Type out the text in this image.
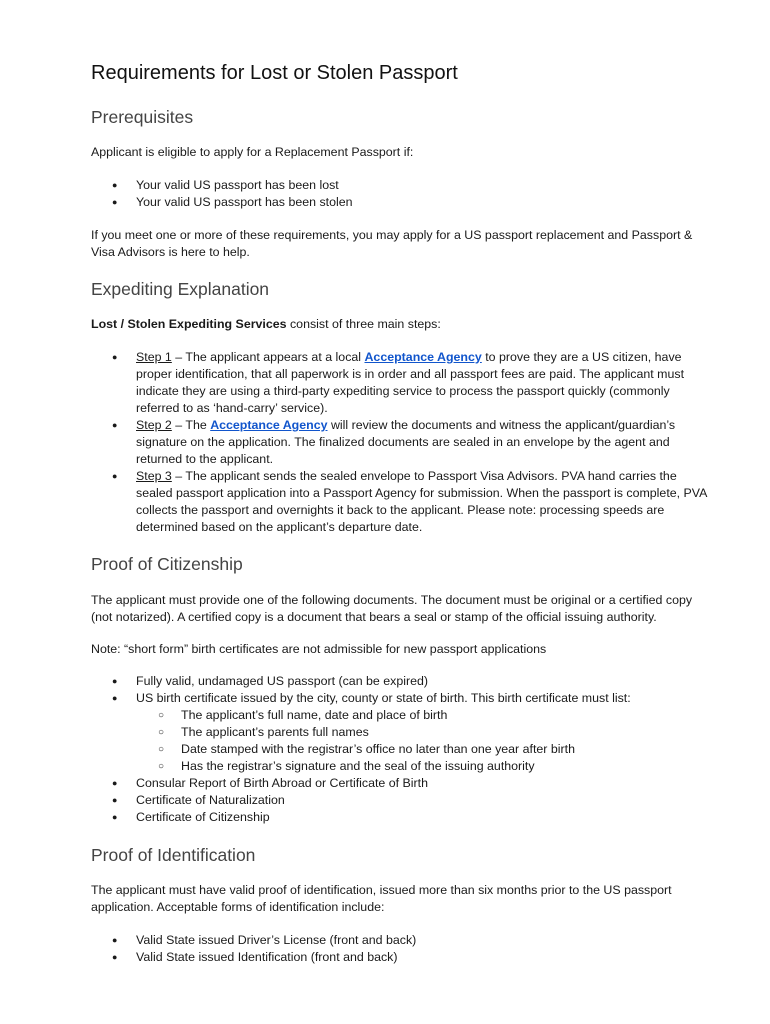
Requirements for Lost or Stolen Passport
Prerequisites

Applicant is eligible to apply for a Replacement Passport if:

● Your valid US passport has been lost
● Your valid US passport has been stolen
If you meet one or more of these requirements, you may apply for a US passport replacement and Passport &
Visa Advisors is here to help.
Expediting Explanation

Lost / Stolen Expediting Services consist of three main steps:

● Step 1 – The applicant appears at a local Acceptance Agency to prove they are a US citizen, have
proper identification, that all paperwork is in order and all passport fees are paid. The applicant must
indicate they are using a third-party expediting service to process the passport quickly (commonly
referred to as ‘hand-carry’ service).
● Step 2 – The Acceptance Agency will review the documents and witness the applicant/guardian’s
signature on the application. The finalized documents are sealed in an envelope by the agent and
returned to the applicant.
● Step 3 – The applicant sends the sealed envelope to Passport Visa Advisors. PVA hand carries the
sealed passport application into a Passport Agency for submission. When the passport is complete, PVA
collects the passport and overnights it back to the applicant. Please note: processing speeds are
determined based on the applicant’s departure date.
Proof of Citizenship
The applicant must provide one of the following documents. The document must be original or a certified copy
(not notarized). A certified copy is a document that bears a seal or stamp of the official issuing authority.

Note: “short form” birth certificates are not admissible for new passport applications

● Fully valid, undamaged US passport (can be expired)
● US birth certificate issued by the city, county or state of birth. This birth certificate must list:
○ The applicant’s full name, date and place of birth
○ The applicant’s parents full names
○ Date stamped with the registrar’s office no later than one year after birth
○ Has the registrar’s signature and the seal of the issuing authority
● Consular Report of Birth Abroad or Certificate of Birth
● Certificate of Naturalization
● Certificate of Citizenship
Proof of Identification
The applicant must have valid proof of identification, issued more than six months prior to the US passport
application. Acceptable forms of identification include:
● Valid State issued Driver’s License (front and back)
● Valid State issued Identification (front and back)
